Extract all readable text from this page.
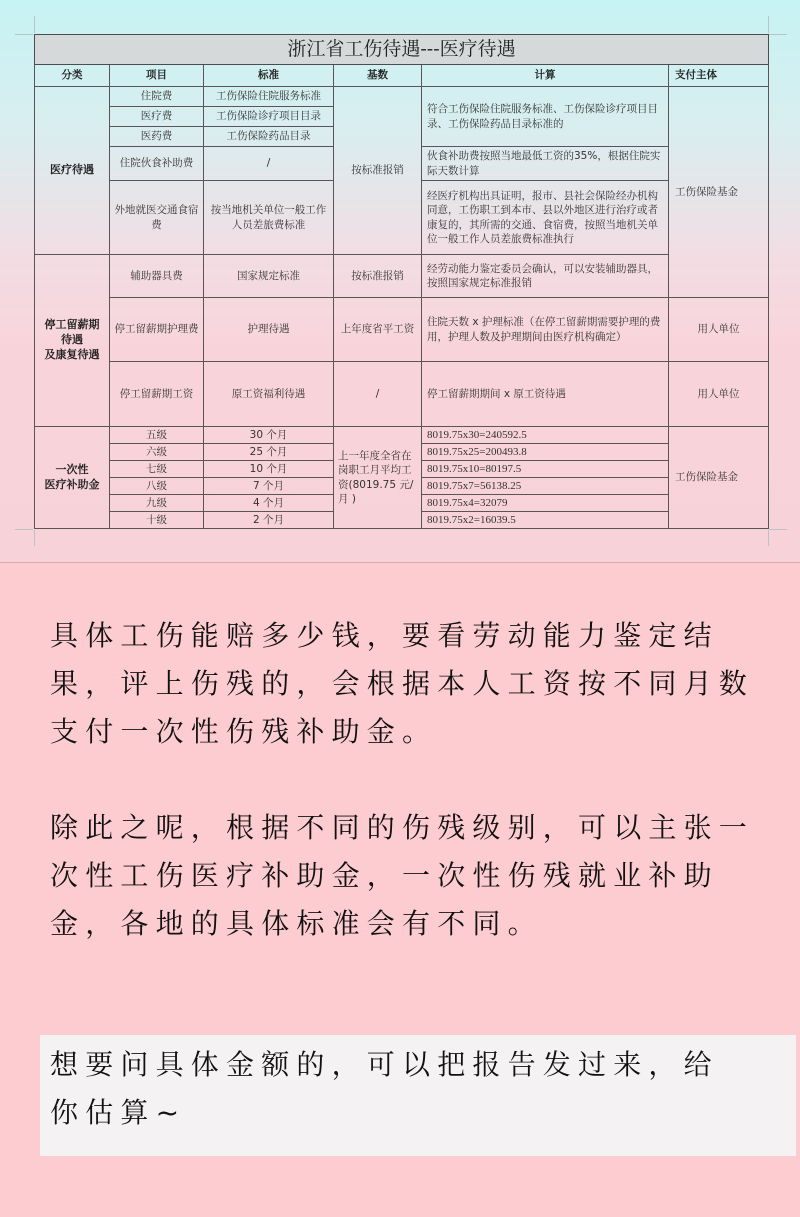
浙江省工伤待遇---医疗待遇					
分类	项目	标准	基数	计算	支付主体
医疗待遇	住院费	工伤保险住院服务标准	按标准报销	符合工伤保险住院服务标准、工伤保险诊疗项目目录、工伤保险药品目录标准的	工伤保险基金
	医疗费	工伤保险诊疗项目目录			
	医药费	工伤保险药品目录			
	住院伙食补助费	/		伙食补助费按照当地最低工资的35%，根据住院实际天数计算	
	外地就医交通食宿费	按当地机关单位一般工作人员差旅费标准		经医疗机构出具证明，报市、县社会保险经办机构同意，工伤职工到本市、县以外地区进行治疗或者康复的，其所需的交通、食宿费，按照当地机关单位一般工作人员差旅费标准执行	

停工留薪期
待遇
及康复待遇	辅助器具费	国家规定标准	按标准报销	经劳动能力鉴定委员会确认，可以安装辅助器具，按照国家规定标准报销	
	停工留薪期护理费	护理待遇	上年度省平工资	住院天数 x 护理标准（在停工留薪期需要护理的费用，护理人数及护理期间由医疗机构确定）	用人单位
	停工留薪期工资	原工资福利待遇	/	停工留薪期期间 x 原工资待遇	用人单位

一次性
医疗补助金	五级	30 个月	上一年度全省在岗职工月平均工资(8019.75 元/月 )	8019.75x30=240592.5	工伤保险基金
	六级	25 个月		8019.75x25=200493.8	
	七级	10 个月		8019.75x10=80197.5	
	八级	7 个月		8019.75x7=56138.25	
	九级	4 个月		8019.75x4=32079	
	十级	2 个月		8019.75x2=16039.5	
具体工伤能赔多少钱，要看劳动能力鉴定结果，评上伤残的，会根据本人工资按不同月数支付一次性伤残补助金。
除此之呢，根据不同的伤残级别，可以主张一次性工伤医疗补助金，一次性伤残就业补助金，各地的具体标准会有不同。
想要问具体金额的，可以把报告发过来，给你估算~
